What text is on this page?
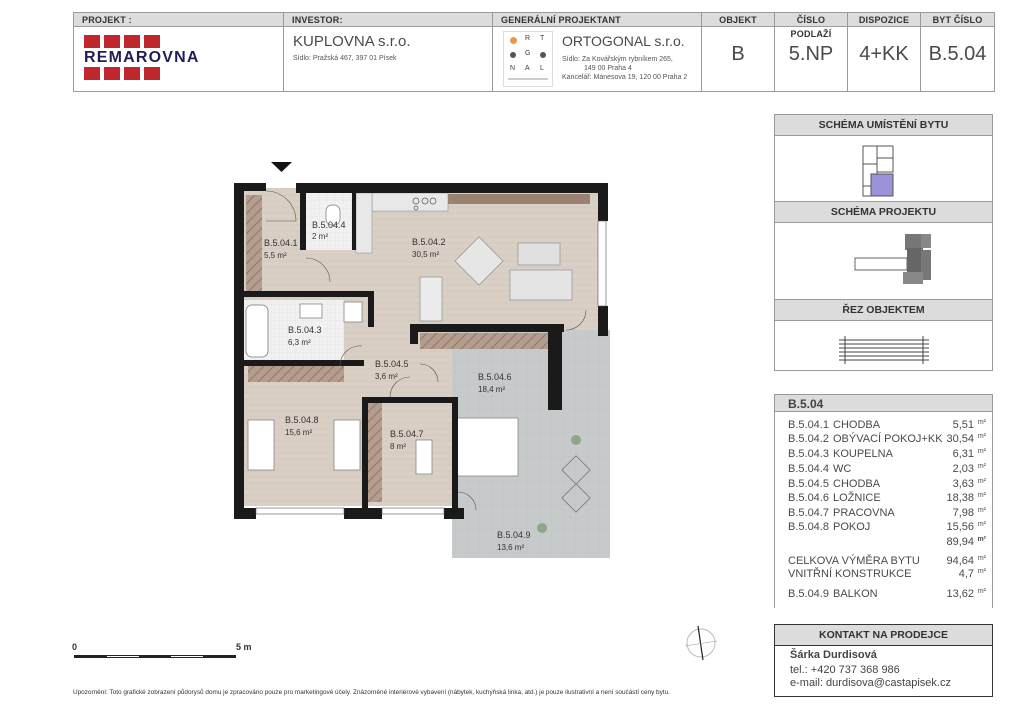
PROJEKT :
REMAROVNA
INVESTOR:
KUPLOVNA s.r.o.
Sídlo: Pražská 467, 397 01 Písek
GENERÁLNÍ PROJEKTANT
R T
G
N A L
ORTOGONAL s.r.o.
Sídlo: Za Kovářským rybníkem 265,
149 00 Praha 4
Kancelář: Mánesova 19, 120 00 Praha 2
OBJEKT
B
ČÍSLO PODLAŽÍ
5.NP
DISPOZICE
4+KK
BYT ČÍSLO
B.5.04
SCHÉMA UMÍSTĚNÍ BYTU
SCHÉMA PROJEKTU
ŘEZ OBJEKTEM
B.5.04
B.5.04.1 CHODBA	5,51 m²
B.5.04.2 OBÝVACÍ POKOJ+KK 30,54 m²
B.5.04.3 KOUPELNA	6,31 m²
B.5.04.4 WC	2,03 m²
B.5.04.5 CHODBA	3,63 m²
B.5.04.6 LOŽNICE	18,38 m²
B.5.04.7 PRACOVNA	7,98 m²
B.5.04.8 POKOJ	15,56 m²
89,94 m²
CELKOVA VÝMĚRA BYTU 94,64 m²
VNITŘNÍ KONSTRUKCE	4,7 m²
B.5.04.9 BALKON	13,62 m²
KONTAKT NA PRODEJCE
Šárka Durdisová
tel.: +420 737 368 986
e-mail: durdisova@castapisek.cz
B.5.04.1
5,5 m²
B.5.04.4
2 m²
B.5.04.2
30,5 m²
B.5.04.3
6,3 m²
B.5.04.5
3,6 m²	B.5.04.6
18,4 m²
B.5.04.8
15,6 m²	B.5.04.7
8 m²
B.5.04.9
13,6 m²
0	5 m
Upozornění: Toto grafické zobrazení půdorysů domu je zpracováno pouze pro marketingové účely. Znázorněné interiérové vybavení (nábytek, kuchyňská linka, atd.) je pouze ilustrativní a není součástí ceny bytu.
